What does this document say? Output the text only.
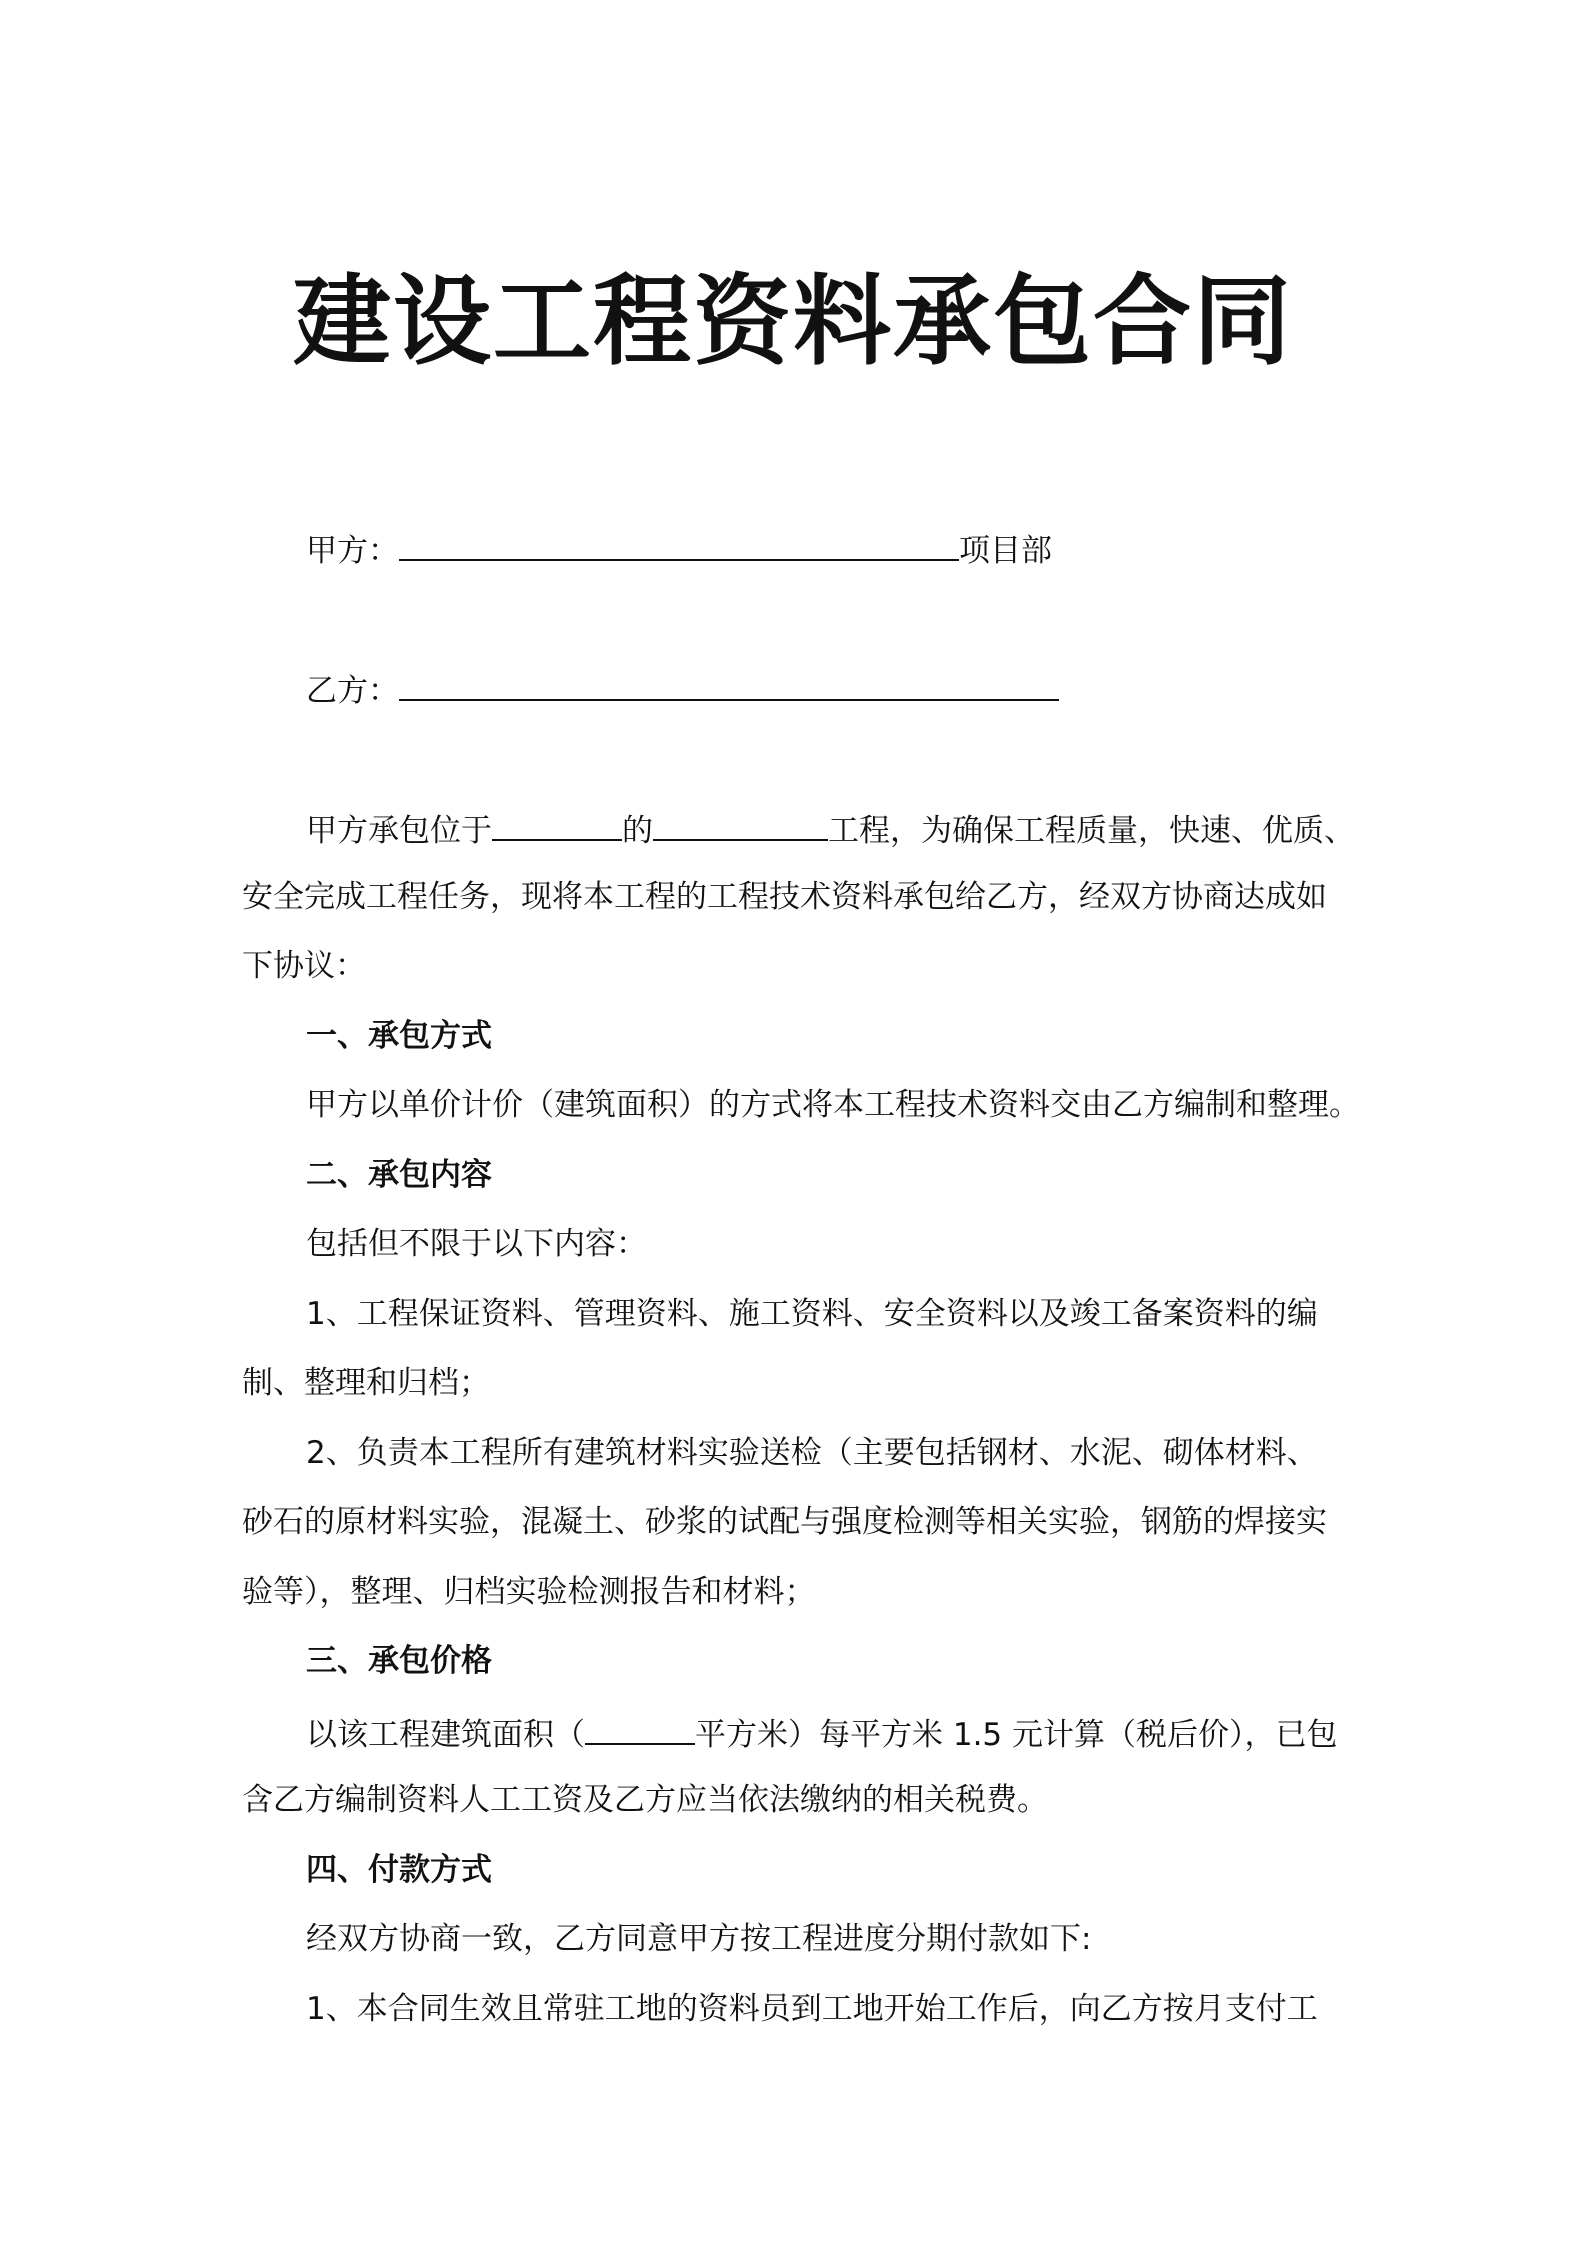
建设工程资料承包合同
甲方：	项目部
乙方：
甲方承包位于	的	工程，为确保工程质量，快速、优质、
安全完成工程任务，现将本工程的工程技术资料承包给乙方，经双方协商达成如
下协议：
一、承包方式
甲方以单价计价（建筑面积）的方式将本工程技术资料交由乙方编制和整理。
二、承包内容
包括但不限于以下内容：
1、工程保证资料、管理资料、施工资料、安全资料以及竣工备案资料的编
制、整理和归档；
2、负责本工程所有建筑材料实验送检（主要包括钢材、水泥、砌体材料、
砂石的原材料实验，混凝土、砂浆的试配与强度检测等相关实验，钢筋的焊接实
验等），整理、归档实验检测报告和材料；
三、承包价格
以该工程建筑面积（	平方米）每平方米 1.5 元计算（税后价），已包
含乙方编制资料人工工资及乙方应当依法缴纳的相关税费。
四、付款方式
经双方协商一致，乙方同意甲方按工程进度分期付款如下:
1、本合同生效且常驻工地的资料员到工地开始工作后，向乙方按月支付工
